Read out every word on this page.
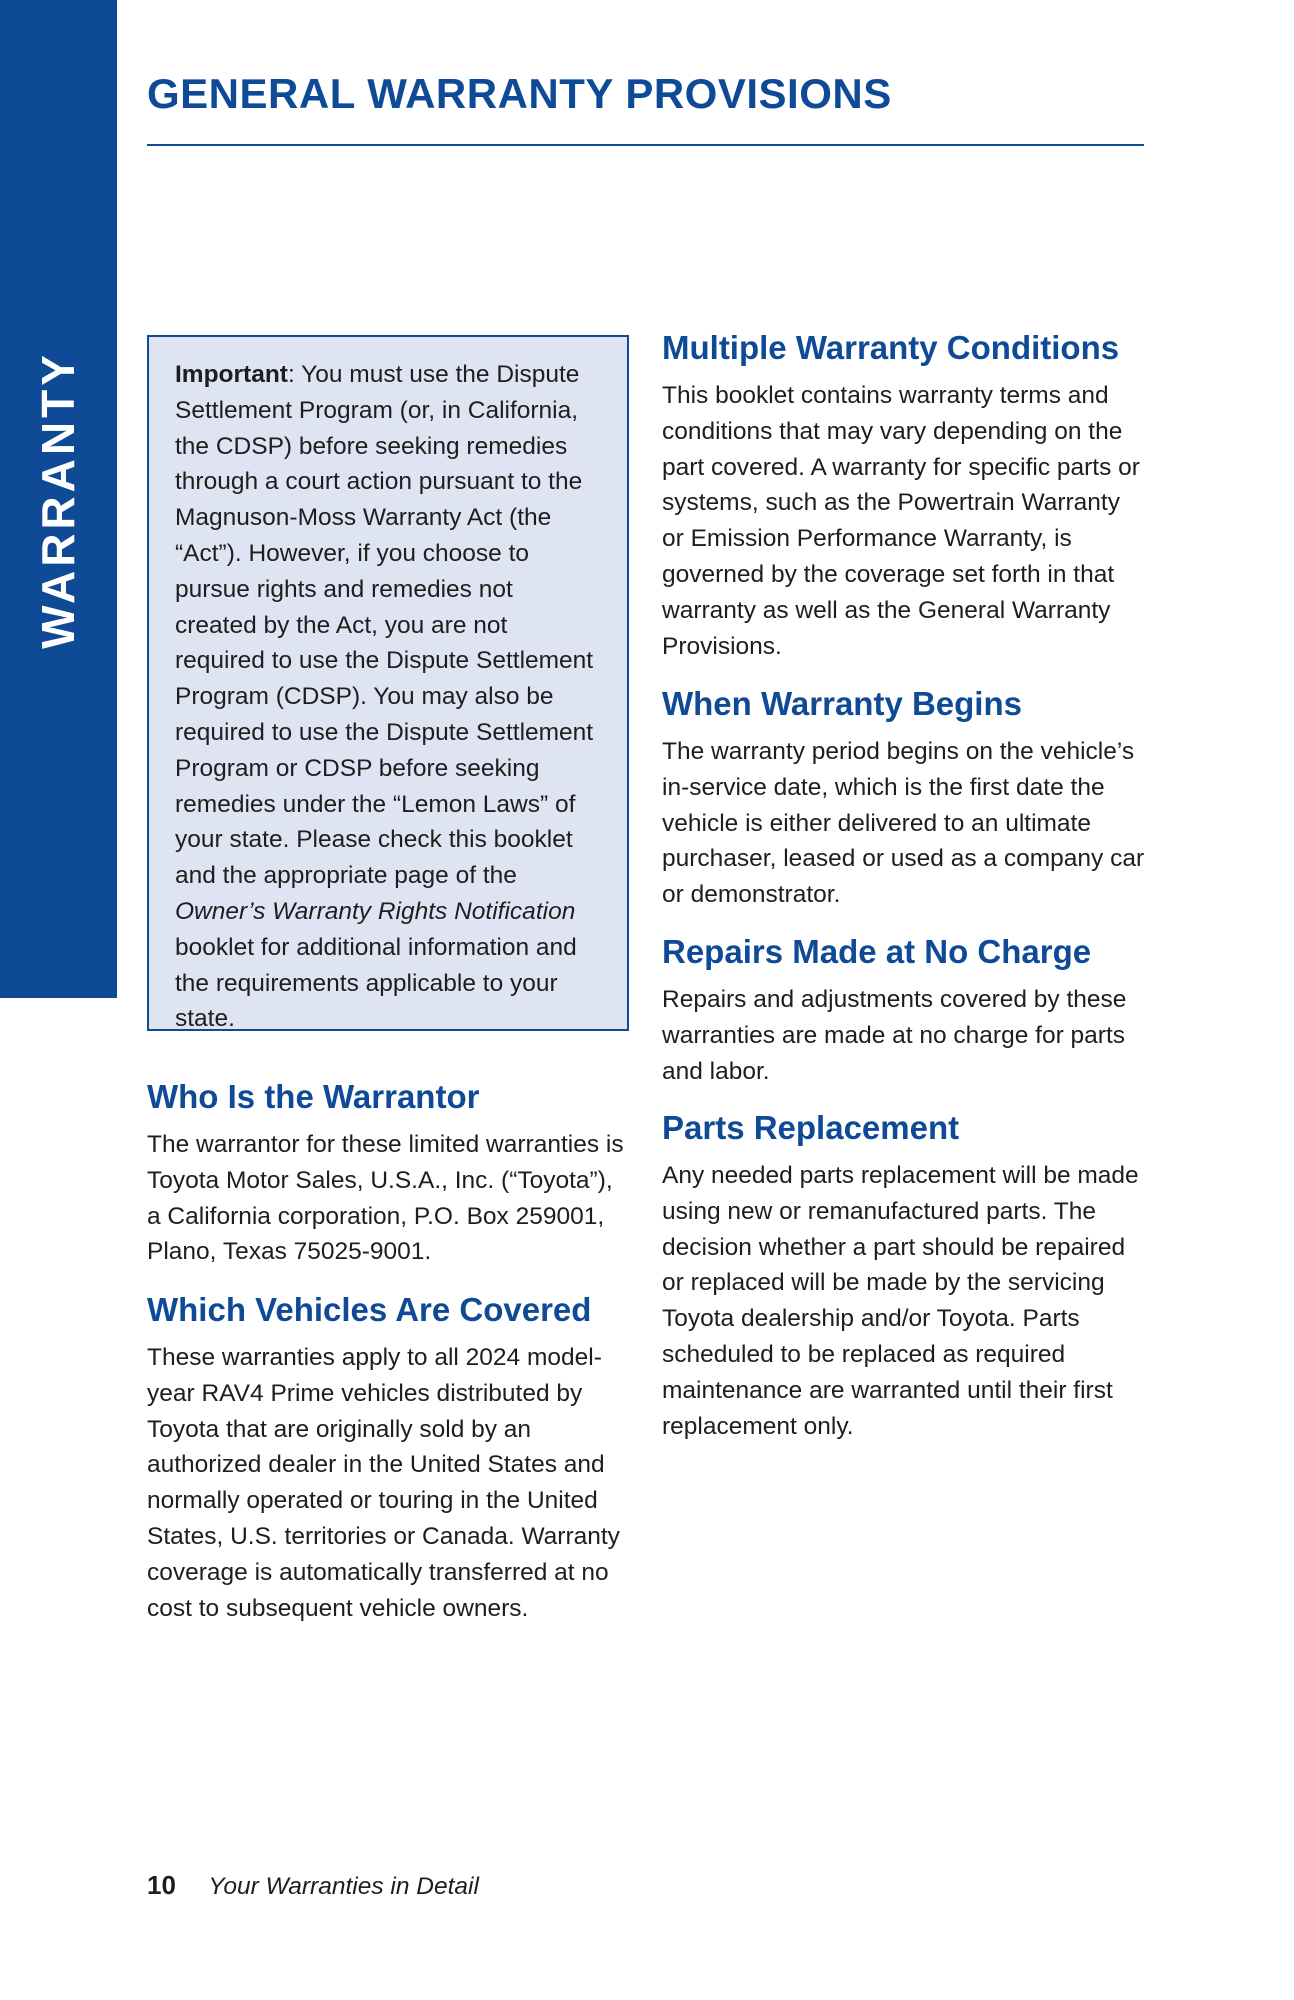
WARRANTY
GENERAL WARRANTY PROVISIONS

Important: You must use the Dispute Settlement Program (or, in California, the CDSP) before seeking remedies through a court action pursuant to the Magnuson-Moss Warranty Act (the “Act”). However, if you choose to pursue rights and remedies not created by the Act, you are not required to use the Dispute Settlement Program (CDSP). You may also be required to use the Dispute Settlement Program or CDSP before seeking remedies under the “Lemon Laws” of your state. Please check this booklet and the appropriate page of the Owner’s Warranty Rights Notification booklet for additional information and the requirements applicable to your state.

Who Is the Warrantor

The warrantor for these limited warranties is Toyota Motor Sales, U.S.A., Inc. (“Toyota”), a California corporation, P.O. Box 259001, Plano, Texas 75025-9001.

Which Vehicles Are Covered

These warranties apply to all 2024 model-year RAV4 Prime vehicles distributed by Toyota that are originally sold by an authorized dealer in the United States and normally operated or touring in the United States, U.S. territories or Canada. Warranty coverage is automatically transferred at no cost to subsequent vehicle owners.

Multiple Warranty Conditions

This booklet contains warranty terms and conditions that may vary depending on the part covered. A warranty for specific parts or systems, such as the Powertrain Warranty or Emission Performance Warranty, is governed by the coverage set forth in that warranty as well as the General Warranty Provisions.

When Warranty Begins

The warranty period begins on the vehicle’s in-service date, which is the first date the vehicle is either delivered to an ultimate purchaser, leased or used as a company car or demonstrator.

Repairs Made at No Charge

Repairs and adjustments covered by these warranties are made at no charge for parts and labor.

Parts Replacement

Any needed parts replacement will be made using new or remanufactured parts. The decision whether a part should be repaired or replaced will be made by the servicing Toyota dealership and/or Toyota. Parts scheduled to be replaced as required maintenance are warranted until their first replacement only.

10 Your Warranties in Detail
